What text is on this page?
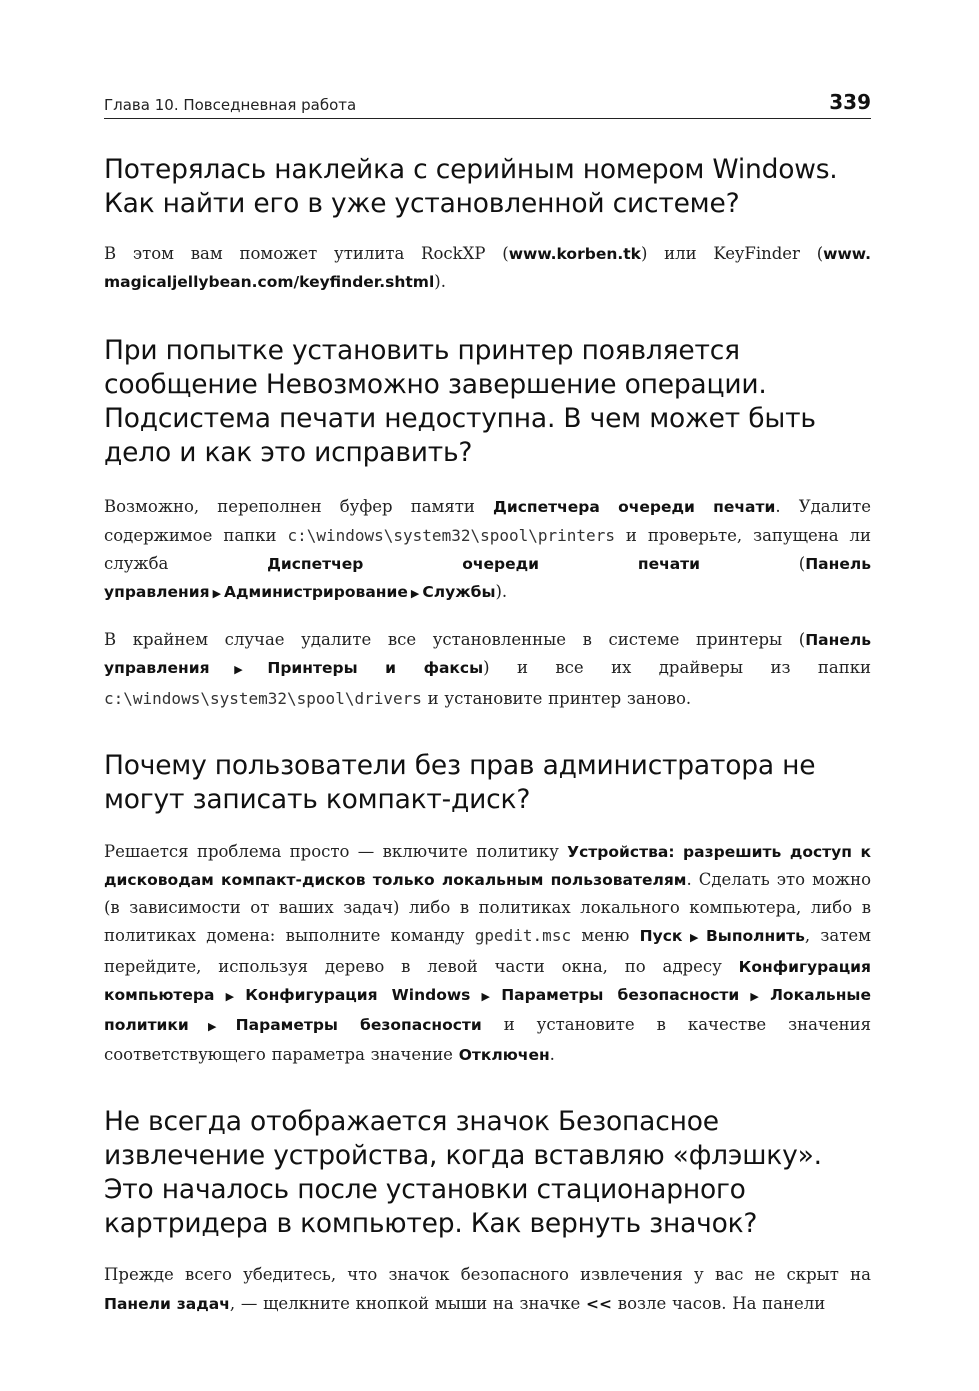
Глава 10. Повседневная работа	339
Потерялась наклейка с серийным номером Windows. Как найти его в уже установленной системе?

В этом вам поможет утилита RockXP (www.korben.tk) или KeyFinder (www. magicaljellybean.com/keyfinder.shtml).

При попытке установить принтер появляется сообщение Невозможно завершение операции. Подсистема печати недоступна. В чем может быть дело и как это исправить?

Возможно, переполнен буфер памяти Диспетчера очереди печати. Удалите содержимое папки c:\windows\system32\spool\printers и проверьте, запущена ли служба Диспетчер очереди печати (Панель управления ▶ Администрирование ▶ Службы).

В крайнем случае удалите все установленные в системе принтеры (Панель управления ▶ Принтеры и факсы) и все их драйверы из папки c:\windows\system32\spool\drivers и установите принтер заново.

Почему пользователи без прав администратора не могут записать компакт-диск?

Решается проблема просто — включите политику Устройства: разрешить доступ к дисководам компакт-дисков только локальным пользователям. Сделать это можно (в зависимости от ваших задач) либо в политиках локального компьютера, либо в политиках домена: выполните команду gpedit.msc меню Пуск ▶ Выполнить, затем перейдите, используя дерево в левой части окна, по адресу Конфигурация компьютера ▶ Конфигурация Windows ▶ Параметры безопасности ▶ Локальные политики ▶ Параметры безопасности и установите в качестве значения соответствующего параметра значение Отключен.

Не всегда отображается значок Безопасное извлечение устройства, когда вставляю «флэшку». Это началось после установки стационарного картридера в компьютер. Как вернуть значок?

Прежде всего убедитесь, что значок безопасного извлечения у вас не скрыт на Панели задач, — щелкните кнопкой мыши на значке << возле часов. На панели
